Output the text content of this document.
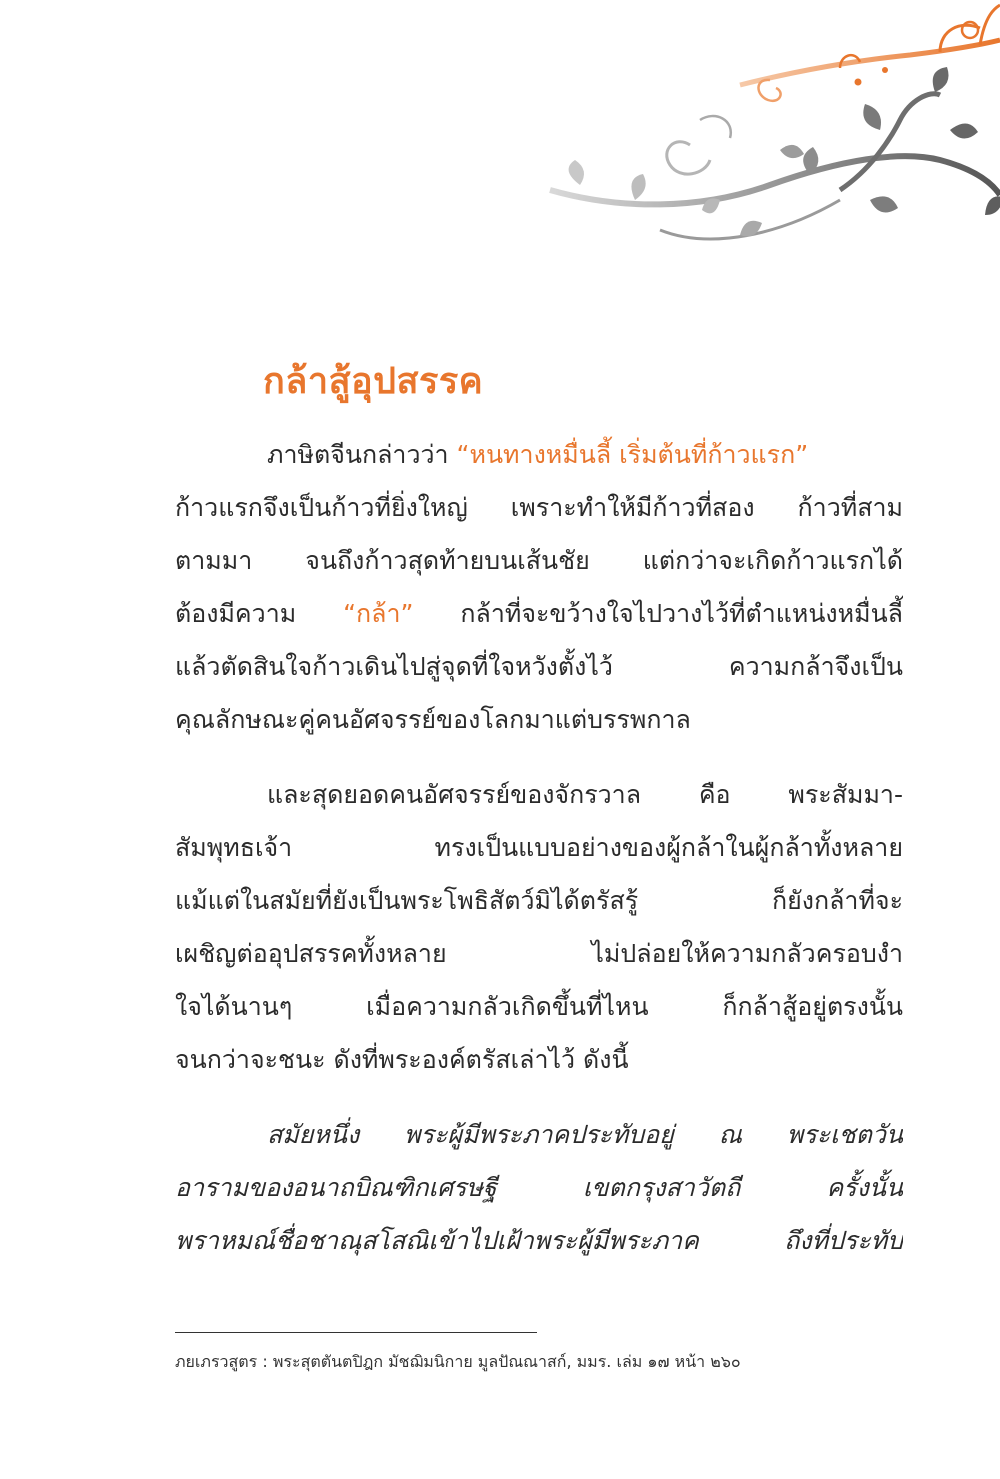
กล้าสู้อุปสรรค

ภาษิตจีนกล่าวว่า “หนทางหมื่นลี้ เริ่มต้นที่ก้าวแรก”
ก้าวแรกจึงเป็นก้าวที่ยิ่งใหญ่ เพราะทำให้มีก้าวที่สอง ก้าวที่สาม
ตามมา จนถึงก้าวสุดท้ายบนเส้นชัย แต่กว่าจะเกิดก้าวแรกได้
ต้องมีความ “กล้า” กล้าที่จะขว้างใจไปวางไว้ที่ตำแหน่งหมื่นลี้
แล้วตัดสินใจก้าวเดินไปสู่จุดที่ใจหวังตั้งไว้ ความกล้าจึงเป็น
คุณลักษณะคู่คนอัศจรรย์ของโลกมาแต่บรรพกาล

และสุดยอดคนอัศจรรย์ของจักรวาล คือ พระสัมมา-
สัมพุทธเจ้า ทรงเป็นแบบอย่างของผู้กล้าในผู้กล้าทั้งหลาย
แม้แต่ในสมัยที่ยังเป็นพระโพธิสัตว์มิได้ตรัสรู้ ก็ยังกล้าที่จะ
เผชิญต่ออุปสรรคทั้งหลาย ไม่ปล่อยให้ความกลัวครอบงำ
ใจได้นานๆ เมื่อความกลัวเกิดขึ้นที่ไหน ก็กล้าสู้อยู่ตรงนั้น
จนกว่าจะชนะ ดังที่พระองค์ตรัสเล่าไว้ ดังนี้

สมัยหนึ่ง พระผู้มีพระภาคประทับอยู่ ณ พระเชตวัน
อารามของอนาถบิณฑิกเศรษฐี เขตกรุงสาวัตถี ครั้งนั้น
พราหมณ์ชื่อชาณุสโสณิเข้าไปเฝ้าพระผู้มีพระภาค ถึงที่ประทับ

ภยเภรวสูตร : พระสุตตันตปิฎก มัชฌิมนิกาย มูลปัณณาสก์, มมร. เล่ม ๑๗ หน้า ๒๖๐
